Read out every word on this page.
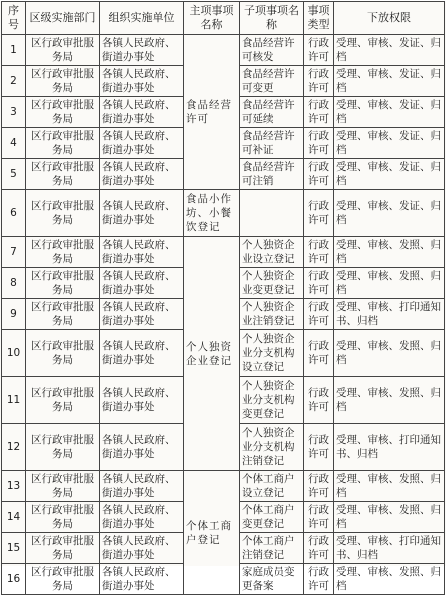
序号	区级实施部门	组织实施单位	主项事项名称	子项事项名称	事项类型	下放权限
1	区行政审批服务局	各镇人民政府、街道办事处	食品经营许可	食品经营许可核发	行政许可	受理、审核、发证、归档
2	区行政审批服务局	各镇人民政府、街道办事处		食品经营许可变更	行政许可	受理、审核、发证、归档
3	区行政审批服务局	各镇人民政府、街道办事处		食品经营许可延续	行政许可	受理、审核、发证、归档
4	区行政审批服务局	各镇人民政府、街道办事处		食品经营许可补证	行政许可	受理、审核、发证、归档
5	区行政审批服务局	各镇人民政府、街道办事处		食品经营许可注销	行政许可	受理、审核、发证、归档
6	区行政审批服务局	各镇人民政府、街道办事处	食品小作坊、小餐饮登记		行政许可	受理、审核、发证、归档
7	区行政审批服务局	各镇人民政府、街道办事处	个人独资企业登记	个人独资企业设立登记	行政许可	受理、审核、发照、归档
8	区行政审批服务局	各镇人民政府、街道办事处		个人独资企业变更登记	行政许可	受理、审核、发照、归档
9	区行政审批服务局	各镇人民政府、街道办事处		个人独资企业注销登记	行政许可	受理、审核、打印通知书、归档
10	区行政审批服务局	各镇人民政府、街道办事处		个人独资企业分支机构设立登记	行政许可	受理、审核、发照、归档
11	区行政审批服务局	各镇人民政府、街道办事处		个人独资企业分支机构变更登记	行政许可	受理、审核、发照、归档
12	区行政审批服务局	各镇人民政府、街道办事处		个人独资企业分支机构注销登记	行政许可	受理、审核、打印通知书、归档
13	区行政审批服务局	各镇人民政府、街道办事处	个体工商户登记	个体工商户设立登记	行政许可	受理、审核、发照、归档
14	区行政审批服务局	各镇人民政府、街道办事处		个体工商户变更登记	行政许可	受理、审核、发照、归档
15	区行政审批服务局	各镇人民政府、街道办事处		个体工商户注销登记	行政许可	受理、审核、打印通知书、归档
16	区行政审批服务局	各镇人民政府、街道办事处		家庭成员变更备案	行政许可	受理、审核、发照、归档
